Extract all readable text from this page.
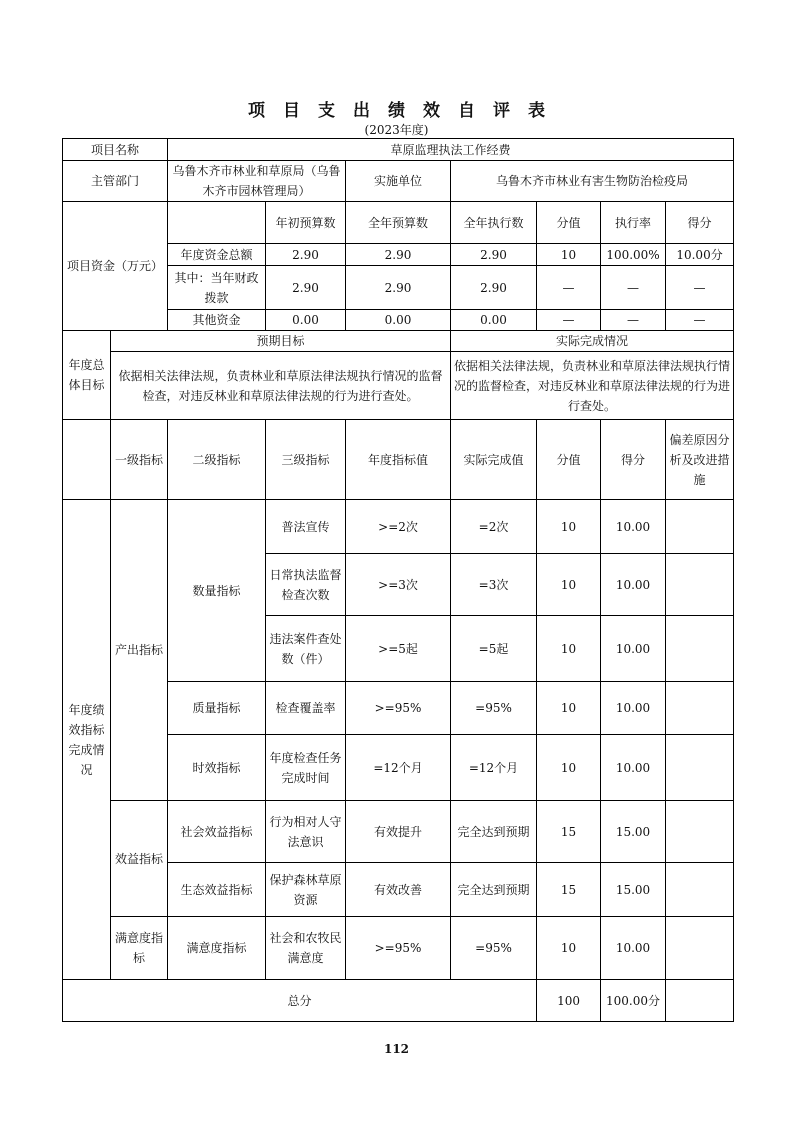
项目支出绩效自评表
(2023年度)
项目名称		草原监理执法工作经费						
主管部门		乌鲁木齐市林业和草原局（乌鲁木齐市园林管理局）		实施单位	乌鲁木齐市林业有害生物防治检疫局			
项目资金（万元）			年初预算数	全年预算数	全年执行数	分值	执行率	得分
		年度资金总额	2.90	2.90	2.90	10	100.00%	10.00分
		其中：当年财政拨款	2.90	2.90	2.90	—	—	—
		其他资金	0.00	0.00	0.00	—	—	—
年度总体目标	预期目标				实际完成情况			
	依据相关法律法规，负责林业和草原法律法规执行情况的监督检查，对违反林业和草原法律法规的行为进行查处。				依据相关法律法规，负责林业和草原法律法规执行情况的监督检查，对违反林业和草原法律法规的行为进行查处。			
	一级指标	二级指标	三级指标	年度指标值	实际完成值	分值	得分	偏差原因分析及改进措施
年度绩效指标完成情况	产出指标	数量指标	普法宣传	>=2次	=2次	10	10.00	
			日常执法监督检查次数	>=3次	=3次	10	10.00	
			违法案件查处数（件）	>=5起	=5起	10	10.00	
		质量指标	检查覆盖率	>=95%	=95%	10	10.00	
		时效指标	年度检查任务完成时间	=12个月	=12个月	10	10.00	
	效益指标	社会效益指标	行为相对人守法意识	有效提升	完全达到预期	15	15.00	
		生态效益指标	保护森林草原资源	有效改善	完全达到预期	15	15.00	
	满意度指标	满意度指标	社会和农牧民满意度	>=95%	=95%	10	10.00	
总分						100	100.00分	
112
